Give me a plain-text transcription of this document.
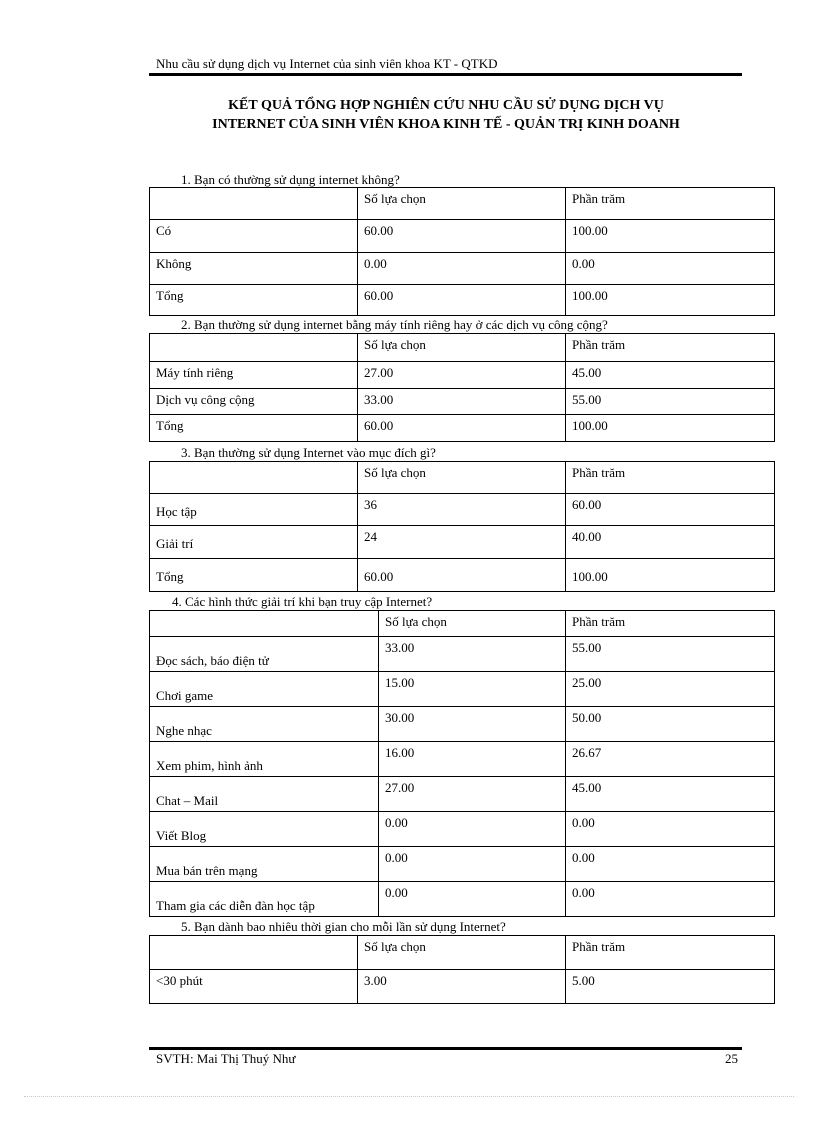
Nhu cầu sử dụng dịch vụ Internet của sinh viên khoa KT - QTKD
KẾT QUẢ TỔNG HỢP NGHIÊN CỨU NHU CẦU SỬ DỤNG DỊCH VỤ
INTERNET CỦA SINH VIÊN KHOA KINH TẾ - QUẢN TRỊ KINH DOANH
1. Bạn có thường sử dụng internet không?
	Số lựa chọn	Phần trăm
Có	60.00	100.00
Không	0.00	0.00
Tổng	60.00	100.00
2. Bạn thường sử dụng internet bằng máy tính riêng hay ở các dịch vụ công cộng?
	Số lựa chọn	Phần trăm
Máy tính riêng	27.00	45.00
Dịch vụ công cộng	33.00	55.00
Tổng	60.00	100.00
3. Bạn thường sử dụng Internet vào mục đích gì?
	Số lựa chọn	Phần trăm
Học tập	36	60.00
Giải trí	24	40.00
Tổng	60.00	100.00
4. Các hình thức giải trí khi bạn truy cập Internet?
	Số lựa chọn	Phần trăm
Đọc sách, báo điện tử	33.00	55.00
Chơi game	15.00	25.00
Nghe nhạc	30.00	50.00
Xem phim, hình ảnh	16.00	26.67
Chat – Mail	27.00	45.00
Viết Blog	0.00	0.00
Mua bán trên mạng	0.00	0.00
Tham gia các diễn đàn học tập	0.00	0.00
5. Bạn dành bao nhiêu thời gian cho mỗi lần sử dụng Internet?
	Số lựa chọn	Phần trăm
<30 phút	3.00	5.00
SVTH: Mai Thị Thuý Như	25
